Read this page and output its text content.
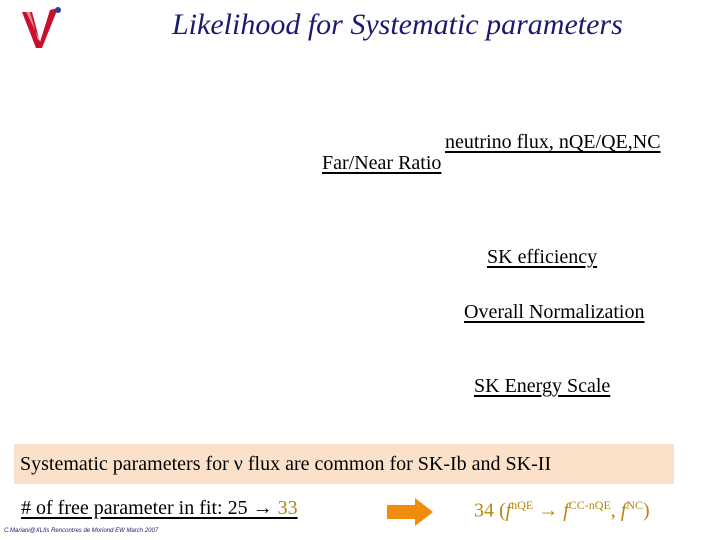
Likelihood for Systematic parameters
neutrino flux, nQE/QE,NC
Far/Near Ratio
SK efficiency
Overall Normalization
SK Energy Scale
Systematic parameters for ν flux are common for SK-Ib and SK-II
# of free parameter in fit: 25 → 33	34 ($f^{nQE} \to f^{CC-nQE}$, $f^{NC}$)
C.Mariani@XLIIs Rencontres de Moriond EW March 2007
